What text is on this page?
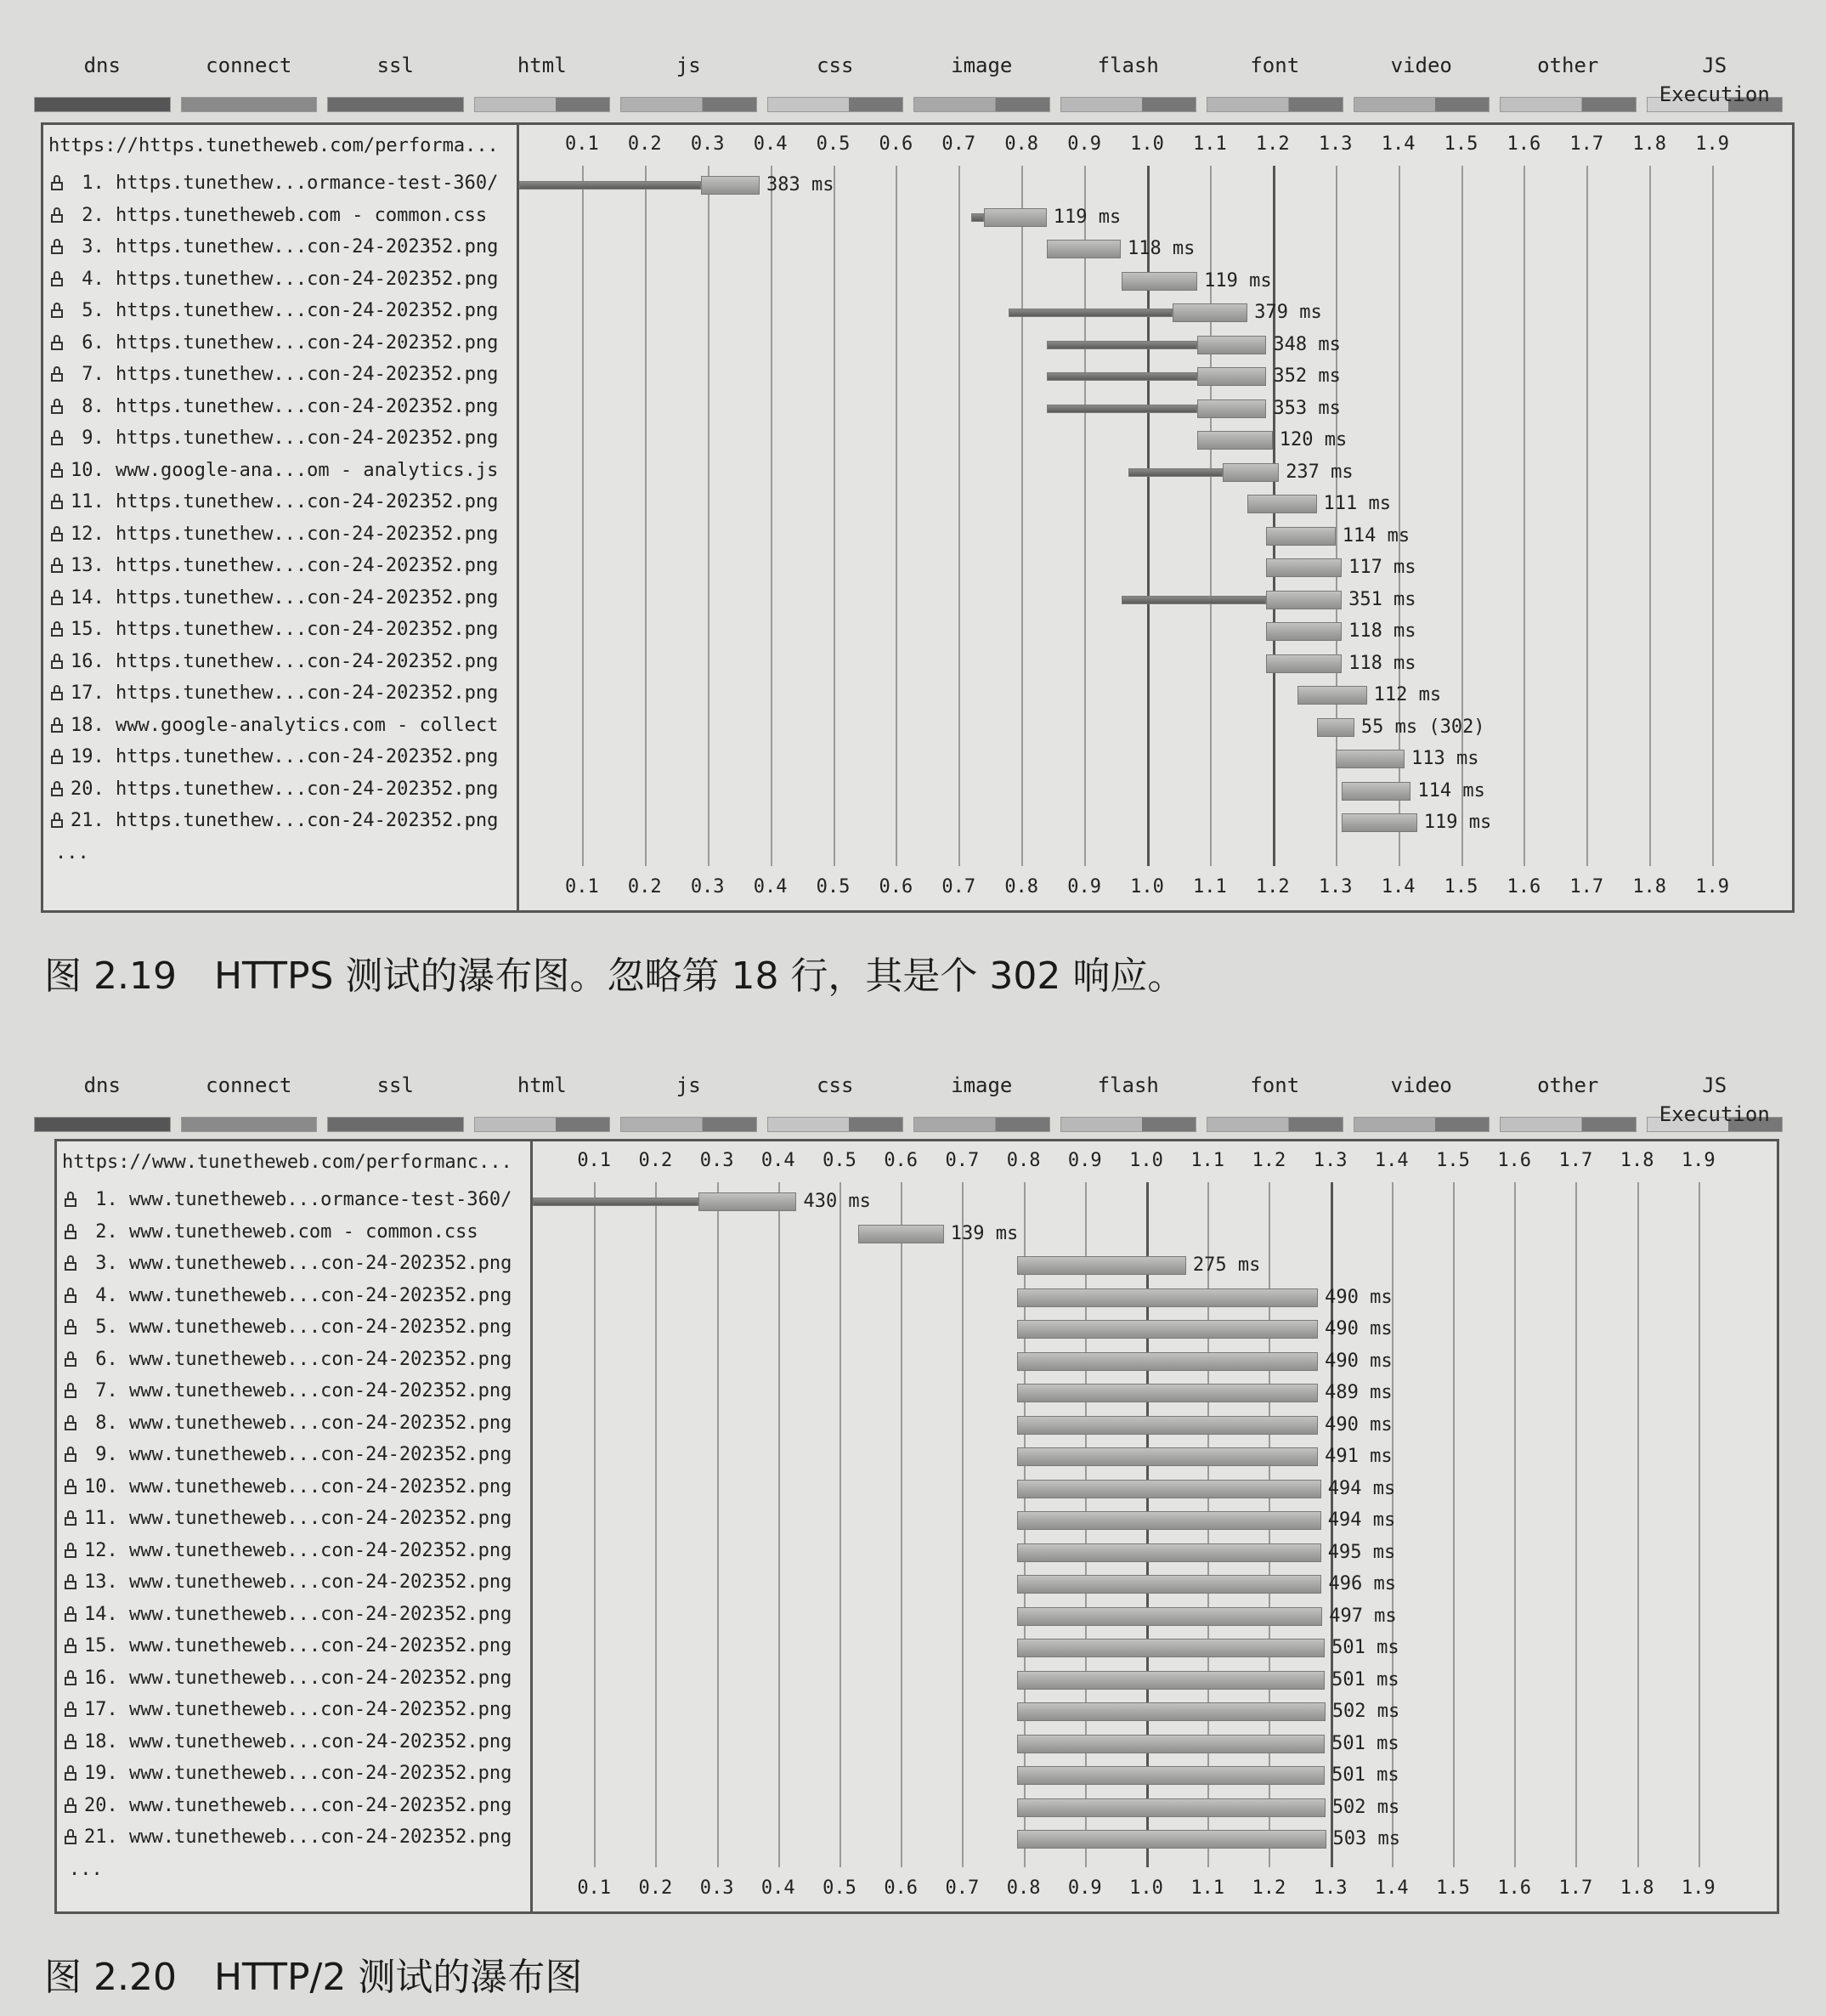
dns	connect	ssl	html	js	css	image	flash	font	video	other	JS Execution
https://https.tunetheweb.com/performa...	0.1
0.1
0.2
0.2
0.3
0.3
0.4
0.4
0.5
0.5
0.6
0.6
0.7
0.7
0.8
0.8
0.9
0.9
1.0
1.0
1.1
1.1
1.2
1.2
1.3
1.3
1.4
1.4
1.5
1.5
1.6
1.6
1.7
1.7
1.8
1.8
1.9
1.9
1. https.tunethew...ormance-test-360/	383 ms
2. https.tunetheweb.com - common.css	119 ms
3. https.tunethew...con-24-202352.png	118 ms
4. https.tunethew...con-24-202352.png	119 ms
5. https.tunethew...con-24-202352.png	379 ms
6. https.tunethew...con-24-202352.png	348 ms
7. https.tunethew...con-24-202352.png	352 ms
8. https.tunethew...con-24-202352.png	353 ms
9. https.tunethew...con-24-202352.png	120 ms
10. www.google-ana...om - analytics.js	237 ms
11. https.tunethew...con-24-202352.png	111 ms
12. https.tunethew...con-24-202352.png	114 ms
13. https.tunethew...con-24-202352.png	117 ms
14. https.tunethew...con-24-202352.png	351 ms
15. https.tunethew...con-24-202352.png	118 ms
16. https.tunethew...con-24-202352.png	118 ms
17. https.tunethew...con-24-202352.png	112 ms
18. www.google-analytics.com - collect	55 ms (302)
19. https.tunethew...con-24-202352.png	113 ms
20. https.tunethew...con-24-202352.png	114 ms
21. https.tunethew...con-24-202352.png	119 ms
...
图 2.19　HTTPS 测试的瀑布图。忽略第 18 行，其是个 302 响应。
dns	connect	ssl	html	js	css	image	flash	font	video	other	JS Execution
https://www.tunetheweb.com/performanc...	0.1
0.1
0.2
0.2
0.3
0.3
0.4
0.4
0.5
0.5
0.6
0.6
0.7
0.7
0.8
0.8
0.9
0.9
1.0
1.0
1.1
1.1
1.2
1.2
1.3
1.3
1.4
1.4
1.5
1.5
1.6
1.6
1.7
1.7
1.8
1.8
1.9
1.9
1. www.tunetheweb...ormance-test-360/	430 ms
2. www.tunetheweb.com - common.css	139 ms
3. www.tunetheweb...con-24-202352.png	275 ms
4. www.tunetheweb...con-24-202352.png	490 ms
5. www.tunetheweb...con-24-202352.png	490 ms
6. www.tunetheweb...con-24-202352.png	490 ms
7. www.tunetheweb...con-24-202352.png	489 ms
8. www.tunetheweb...con-24-202352.png	490 ms
9. www.tunetheweb...con-24-202352.png	491 ms
10. www.tunetheweb...con-24-202352.png	494 ms
11. www.tunetheweb...con-24-202352.png	494 ms
12. www.tunetheweb...con-24-202352.png	495 ms
13. www.tunetheweb...con-24-202352.png	496 ms
14. www.tunetheweb...con-24-202352.png	497 ms
15. www.tunetheweb...con-24-202352.png	501 ms
16. www.tunetheweb...con-24-202352.png	501 ms
17. www.tunetheweb...con-24-202352.png	502 ms
18. www.tunetheweb...con-24-202352.png	501 ms
19. www.tunetheweb...con-24-202352.png	501 ms
20. www.tunetheweb...con-24-202352.png	502 ms
21. www.tunetheweb...con-24-202352.png	503 ms
...
图 2.20　HTTP/2 测试的瀑布图
